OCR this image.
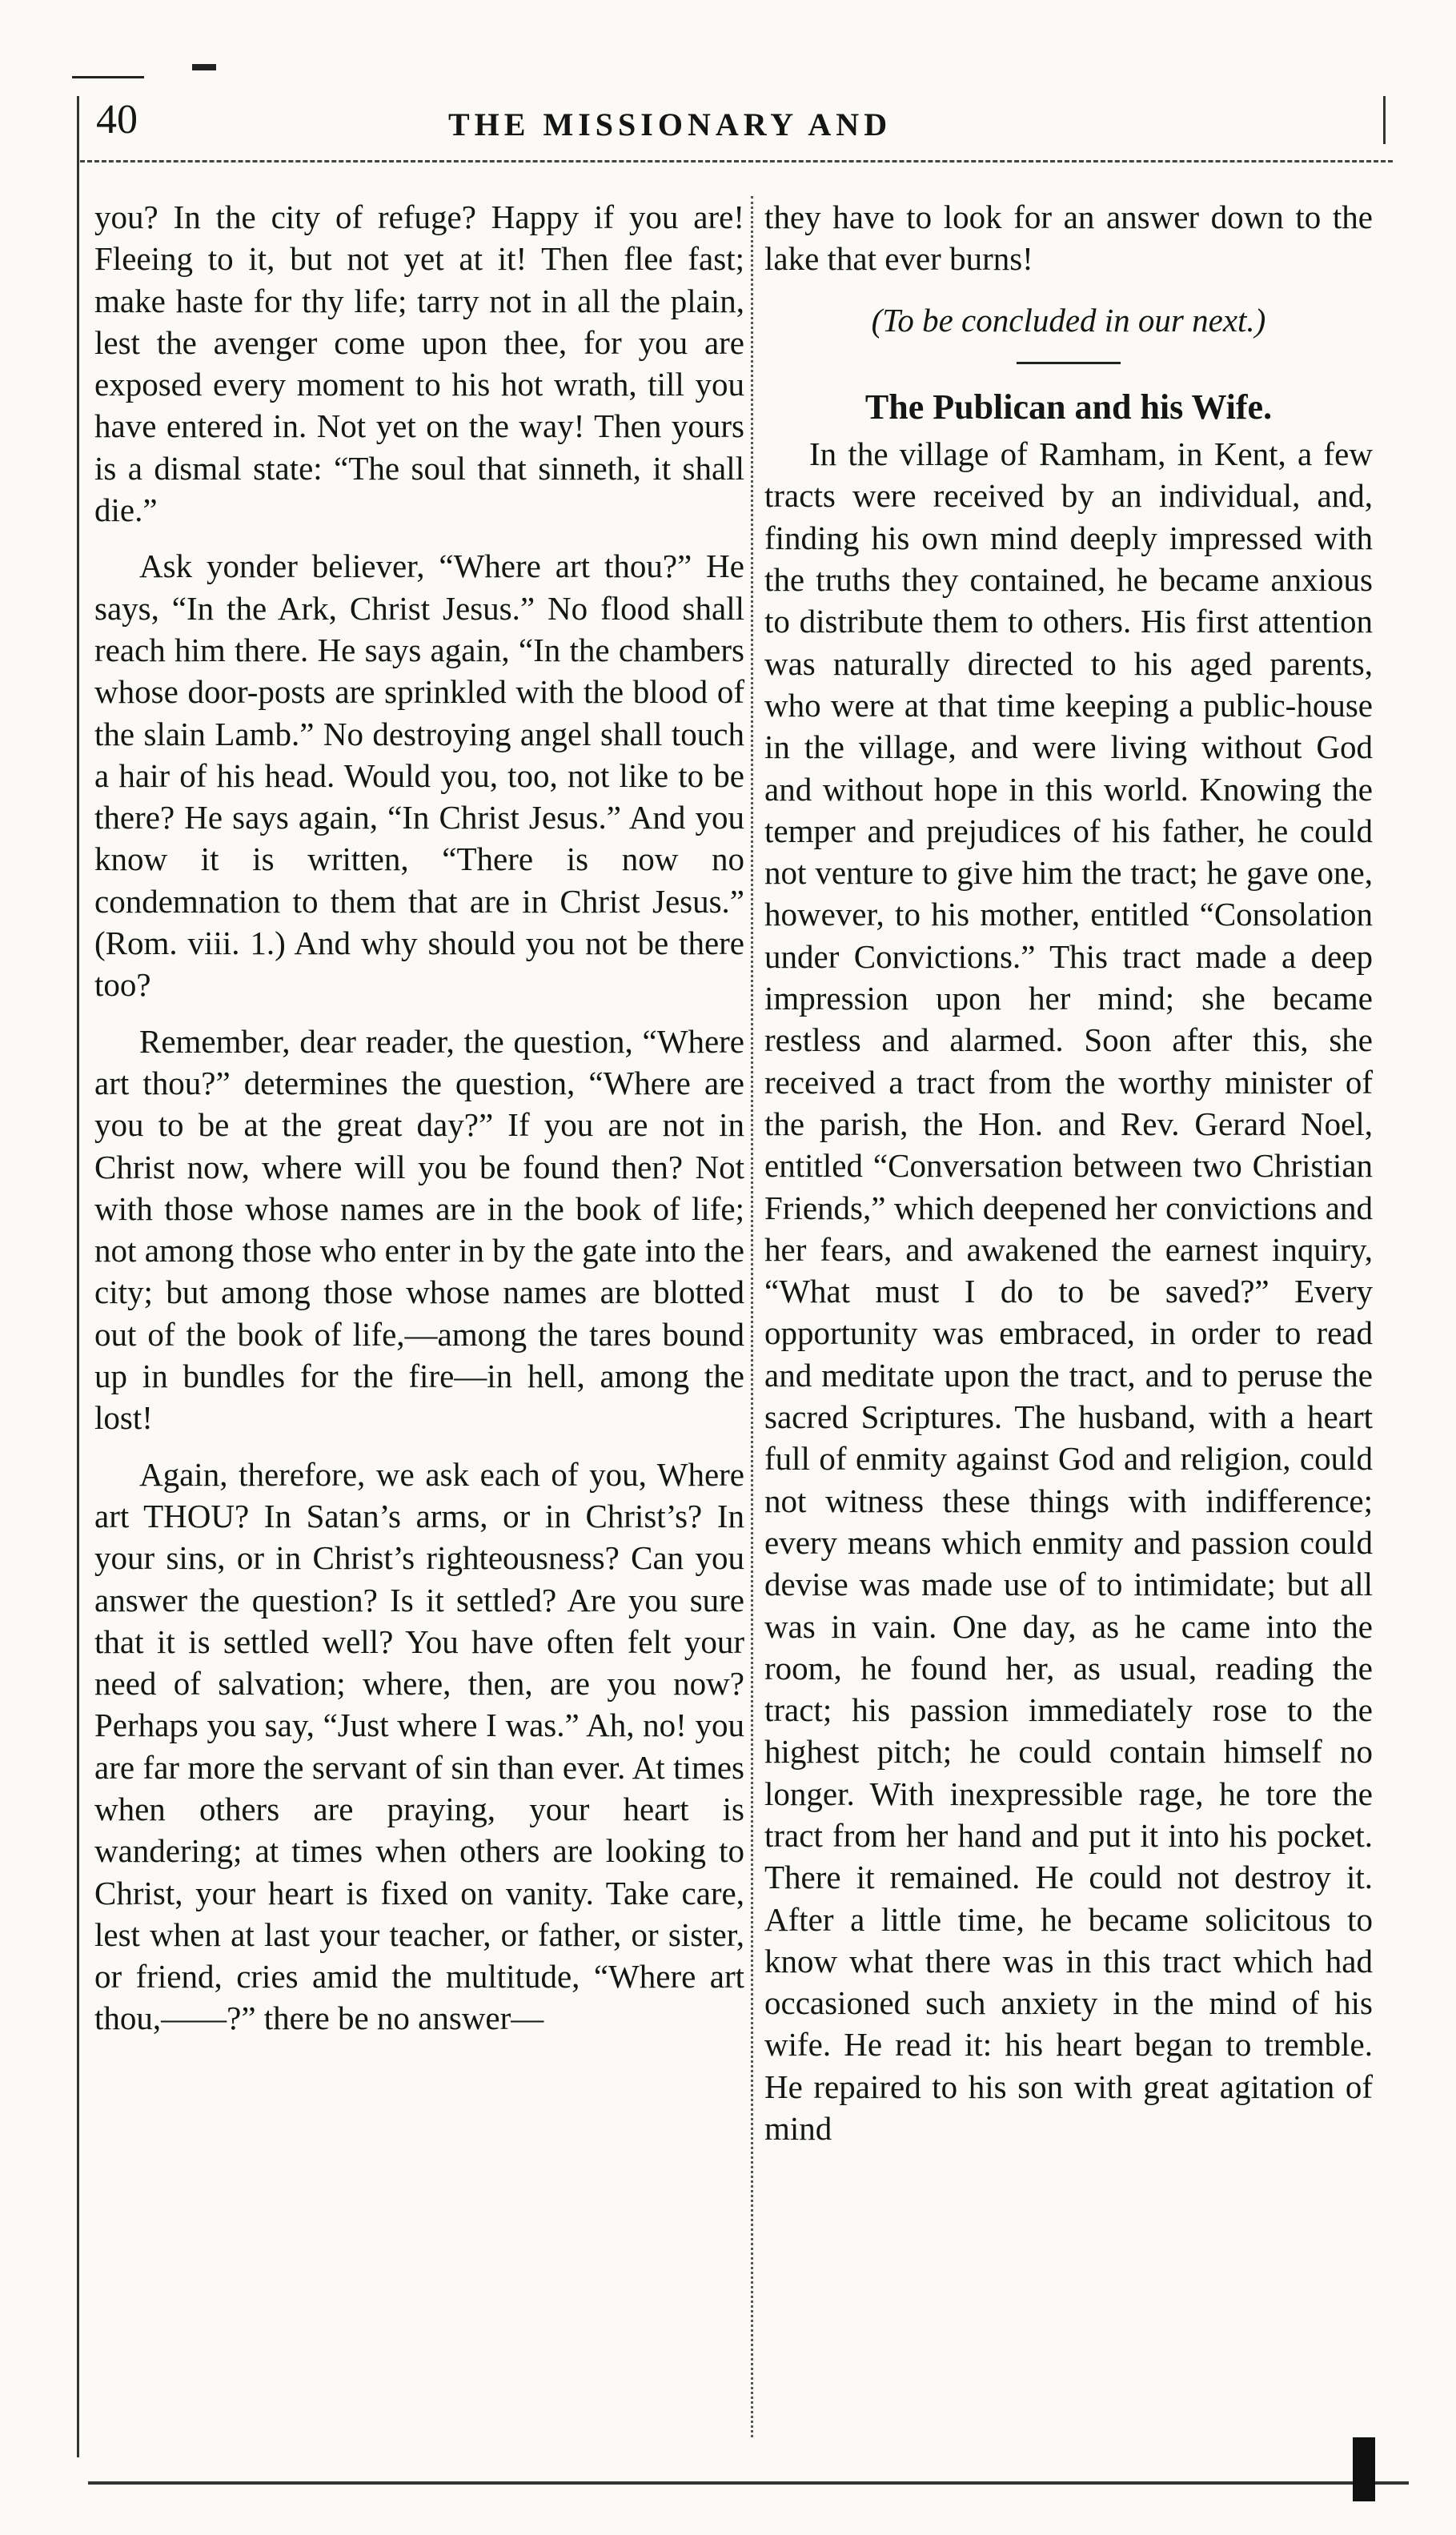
40	THE MISSIONARY AND

you? In the city of refuge? Happy if you are! Fleeing to it, but not yet at it! Then flee fast; make haste for thy life; tarry not in all the plain, lest the avenger come upon thee, for you are exposed every moment to his hot wrath, till you have entered in. Not yet on the way! Then yours is a dismal state: “The soul that sinneth, it shall die.”

Ask yonder believer, “Where art thou?” He says, “In the Ark, Christ Jesus.” No flood shall reach him there. He says again, “In the chambers whose door-posts are sprinkled with the blood of the slain Lamb.” No destroying angel shall touch a hair of his head. Would you, too, not like to be there? He says again, “In Christ Jesus.” And you know it is written, “There is now no condemnation to them that are in Christ Jesus.” (Rom. viii. 1.) And why should you not be there too?

Remember, dear reader, the question, “Where art thou?” determines the question, “Where are you to be at the great day?” If you are not in Christ now, where will you be found then? Not with those whose names are in the book of life; not among those who enter in by the gate into the city; but among those whose names are blotted out of the book of life,—among the tares bound up in bundles for the fire—in hell, among the lost!

Again, therefore, we ask each of you, Where art THOU? In Satan’s arms, or in Christ’s? In your sins, or in Christ’s righteousness? Can you answer the question? Is it settled? Are you sure that it is settled well? You have often felt your need of salvation; where, then, are you now? Perhaps you say, “Just where I was.” Ah, no! you are far more the servant of sin than ever. At times when others are praying, your heart is wandering; at times when others are looking to Christ, your heart is fixed on vanity. Take care, lest when at last your teacher, or father, or sister, or friend, cries amid the multitude, “Where art thou,——?” there be no answer—

they have to look for an answer down to the lake that ever burns!

(To be concluded in our next.)

The Publican and his Wife.

In the village of Ramham, in Kent, a few tracts were received by an individual, and, finding his own mind deeply impressed with the truths they contained, he became anxious to distribute them to others. His first attention was naturally directed to his aged parents, who were at that time keeping a public-house in the village, and were living without God and without hope in this world. Knowing the temper and prejudices of his father, he could not venture to give him the tract; he gave one, however, to his mother, entitled “Consolation under Convictions.” This tract made a deep impression upon her mind; she became restless and alarmed. Soon after this, she received a tract from the worthy minister of the parish, the Hon. and Rev. Gerard Noel, entitled “Conversation between two Christian Friends,” which deepened her convictions and her fears, and awakened the earnest inquiry, “What must I do to be saved?” Every opportunity was embraced, in order to read and meditate upon the tract, and to peruse the sacred Scriptures. The husband, with a heart full of enmity against God and religion, could not witness these things with indifference; every means which enmity and passion could devise was made use of to intimidate; but all was in vain. One day, as he came into the room, he found her, as usual, reading the tract; his passion immediately rose to the highest pitch; he could contain himself no longer. With inexpressible rage, he tore the tract from her hand and put it into his pocket. There it remained. He could not destroy it. After a little time, he became solicitous to know what there was in this tract which had occasioned such anxiety in the mind of his wife. He read it: his heart began to tremble. He repaired to his son with great agitation of mind
